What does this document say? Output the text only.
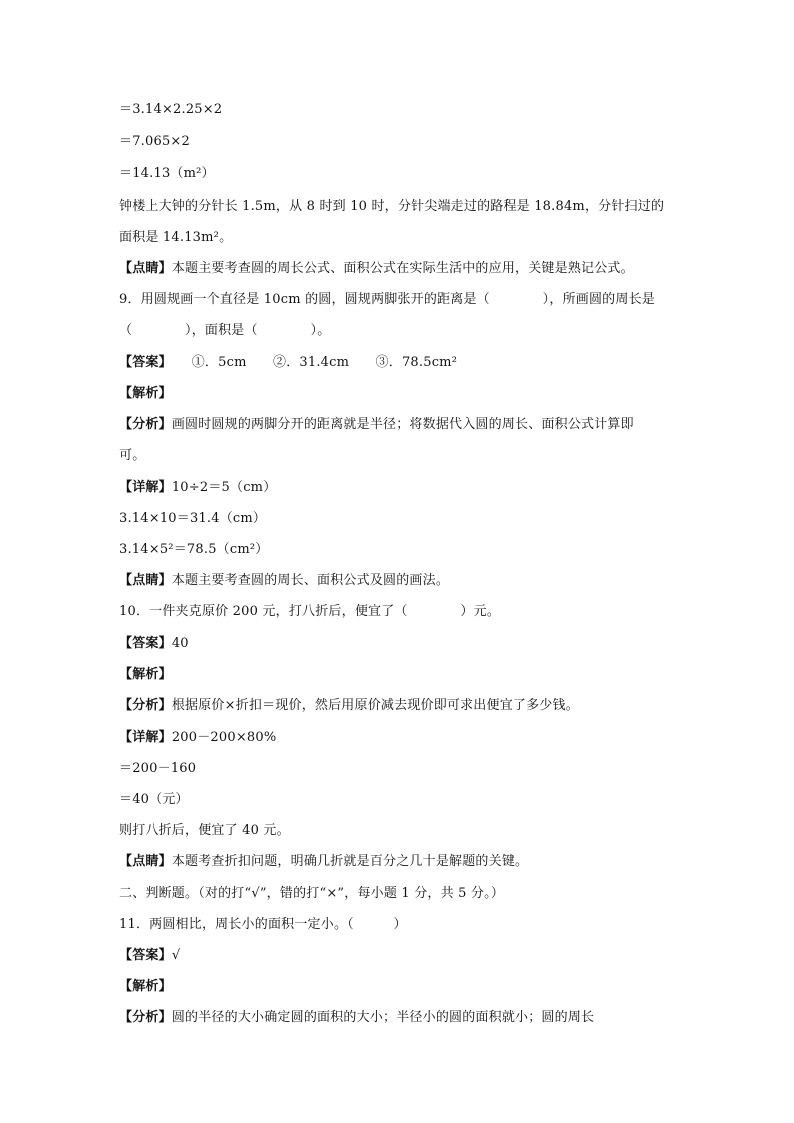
＝3.14×2.25×2
＝7.065×2
＝14.13（m²）
钟楼上大钟的分针长 1.5m，从 8 时到 10 时，分针尖端走过的路程是 18.84m，分针扫过的
面积是 14.13m²。
【点睛】本题主要考查圆的周长公式、面积公式在实际生活中的应用，关键是熟记公式。
9．用圆规画一个直径是 10cm 的圆，圆规两脚张开的距离是（　　　　），所画圆的周长是
（　　　　），面积是（　　　　）。
【答案】　　①．5cm　　②．31.4cm　　③．78.5cm²
【解析】
【分析】画圆时圆规的两脚分开的距离就是半径；将数据代入圆的周长、面积公式计算即
可。
【详解】10÷2＝5（cm）
3.14×10＝31.4（cm）
3.14×5²＝78.5（cm²）
【点睛】本题主要考查圆的周长、面积公式及圆的画法。
10．一件夹克原价 200 元，打八折后，便宜了（　　　　）元。
【答案】40
【解析】
【分析】根据原价×折扣＝现价，然后用原价减去现价即可求出便宜了多少钱。
【详解】200－200×80%
＝200－160
＝40（元）
则打八折后，便宜了 40 元。
【点睛】本题考查折扣问题，明确几折就是百分之几十是解题的关键。
二、判断题。（对的打“√”，错的打“×”，每小题 1 分，共 5 分。）
11．两圆相比，周长小的面积一定小。（　　　）
【答案】√
【解析】
【分析】圆的半径的大小确定圆的面积的大小；半径小的圆的面积就小；圆的周长
